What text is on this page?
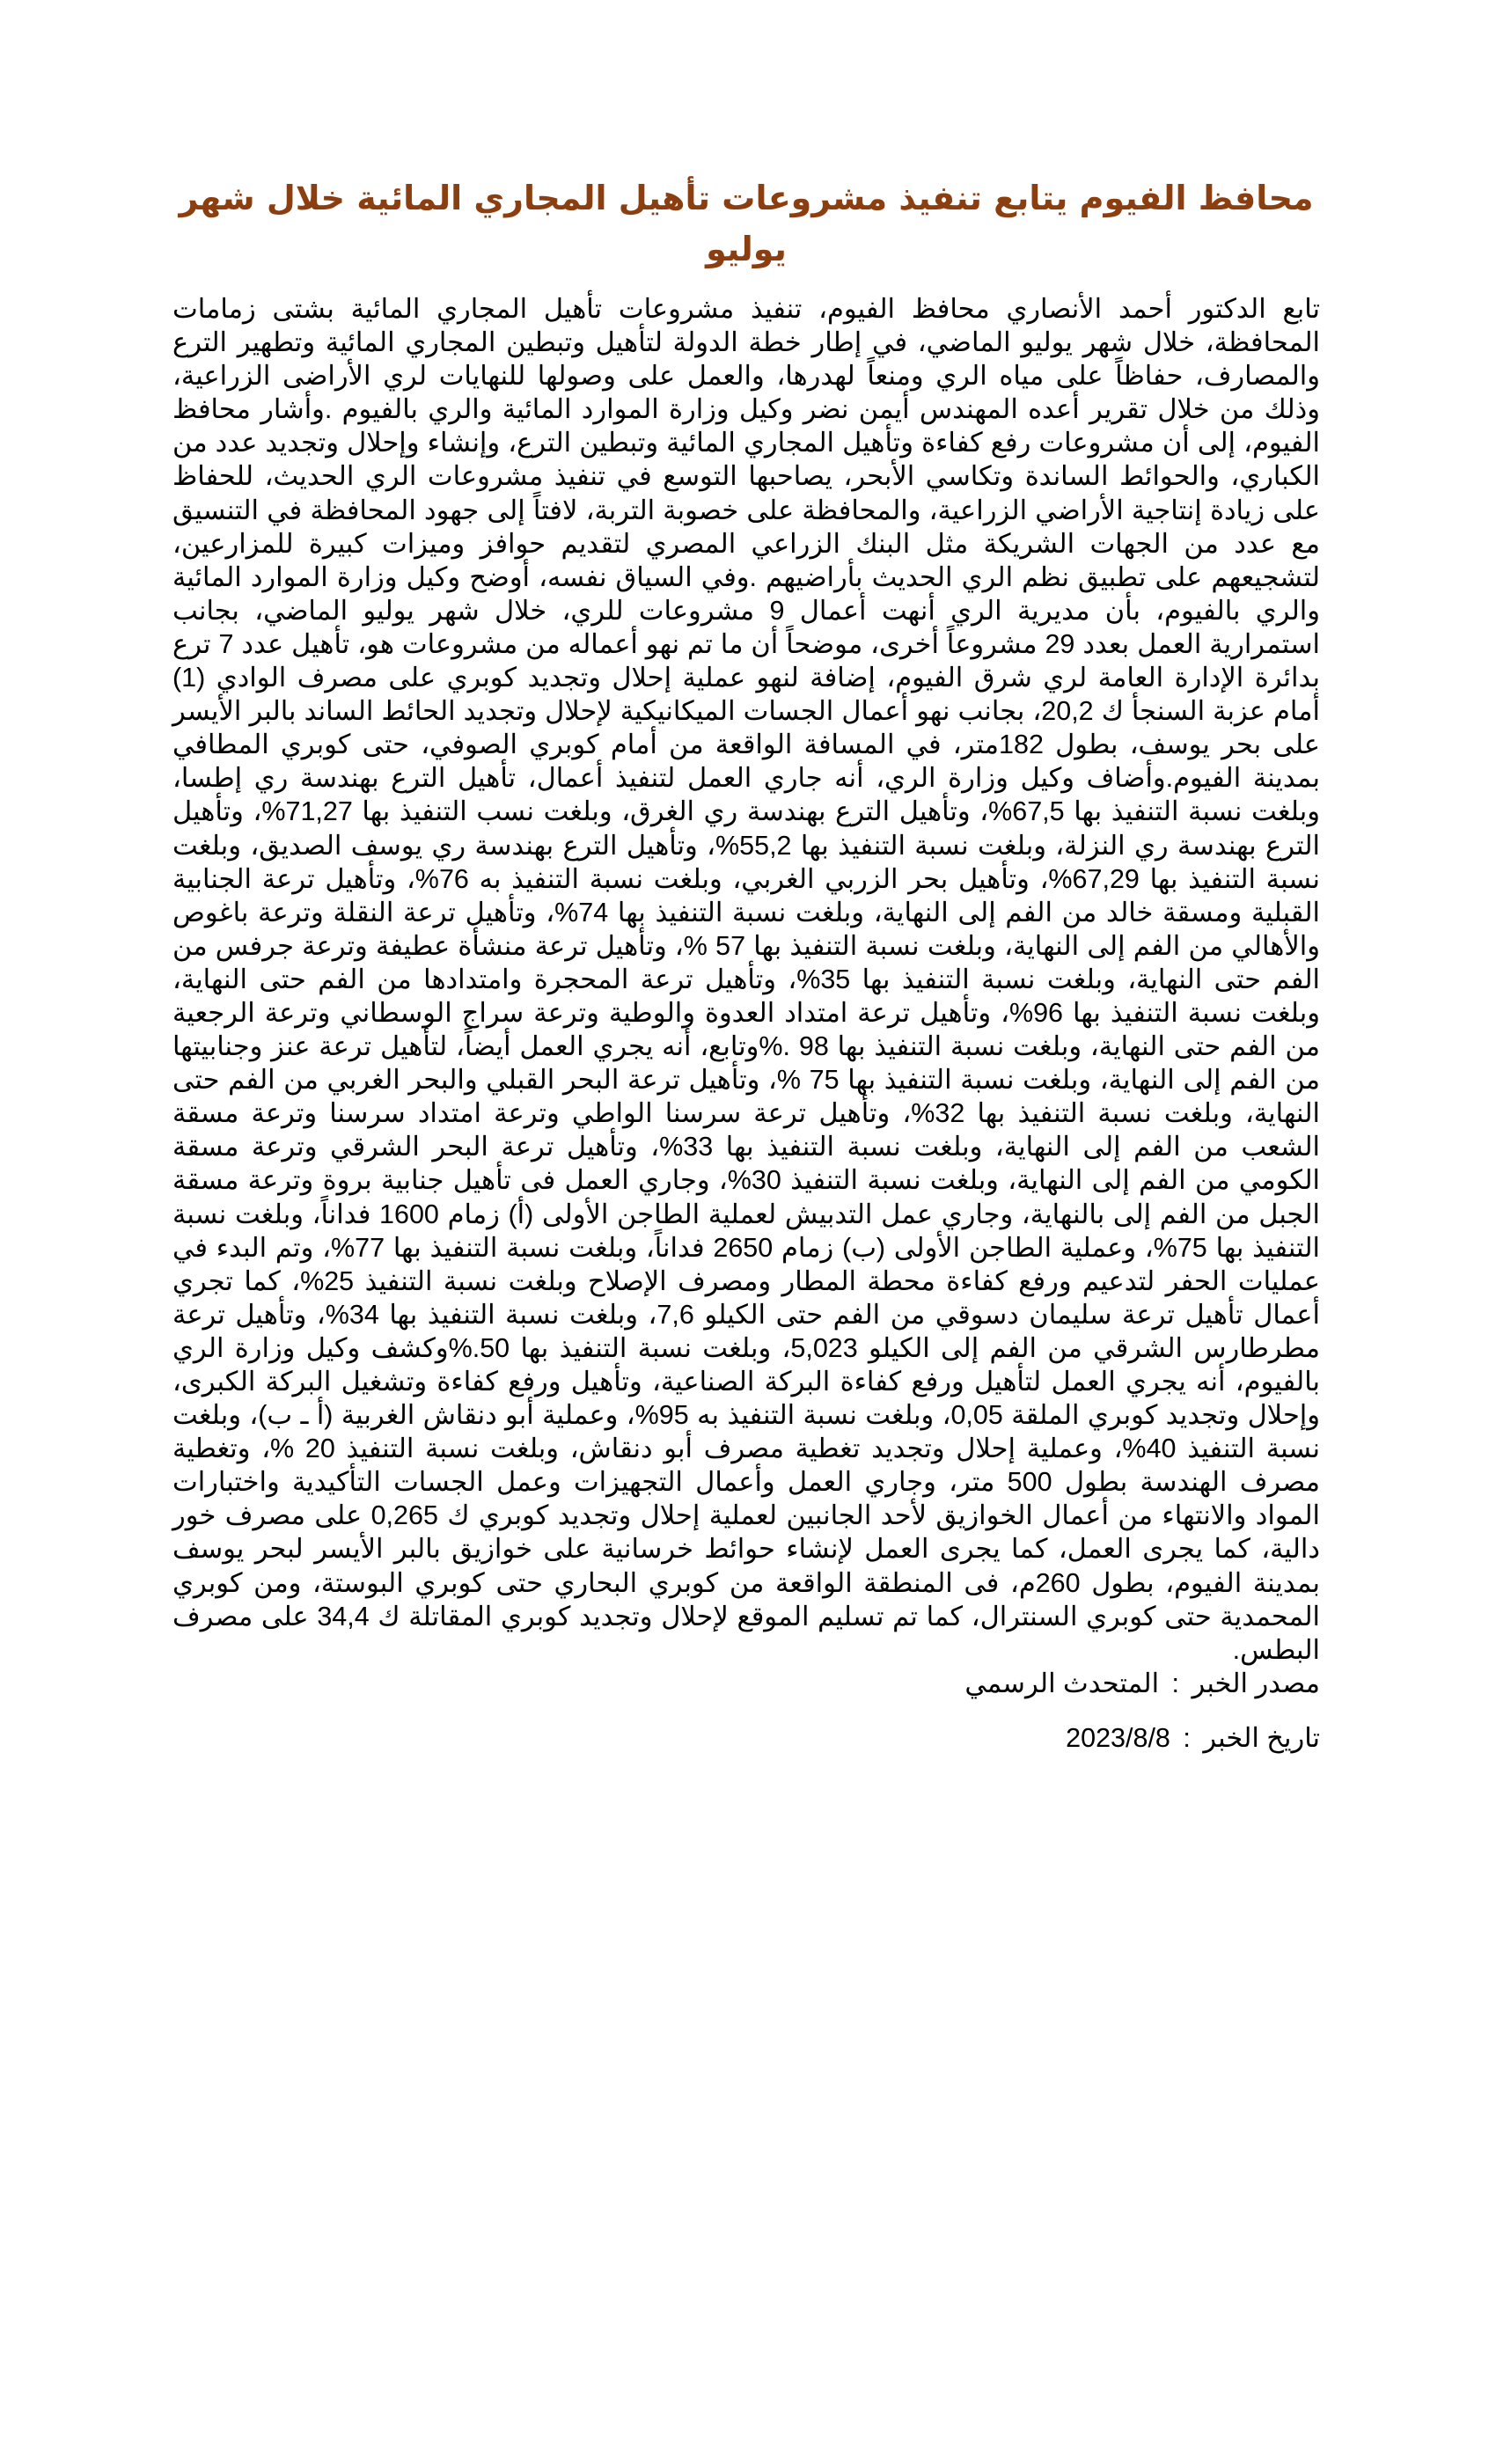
محافظ الفيوم يتابع تنفيذ مشروعات تأهيل المجاري المائية خلال شهر يوليو

تابع الدكتور أحمد الأنصاري محافظ الفيوم، تنفيذ مشروعات تأهيل المجاري المائية بشتى زمامات المحافظة، خلال شهر يوليو الماضي، في إطار خطة الدولة لتأهيل وتبطين المجاري المائية وتطهير الترع والمصارف، حفاظاً على مياه الري ومنعاً لهدرها، والعمل على وصولها للنهايات لري الأراضى الزراعية، وذلك من خلال تقرير أعده المهندس أيمن نضر وكيل وزارة الموارد المائية والري بالفيوم .وأشار محافظ الفيوم، إلى أن مشروعات رفع كفاءة وتأهيل المجاري المائية وتبطين الترع، وإنشاء وإحلال وتجديد عدد من الكباري، والحوائط الساندة وتكاسي الأبحر، يصاحبها التوسع في تنفيذ مشروعات الري الحديث، للحفاظ على زيادة إنتاجية الأراضي الزراعية، والمحافظة على خصوبة التربة، لافتاً إلى جهود المحافظة في التنسيق مع عدد من الجهات الشريكة مثل البنك الزراعي المصري لتقديم حوافز وميزات كبيرة للمزارعين، لتشجيعهم على تطبيق نظم الري الحديث بأراضيهم .وفي السياق نفسه، أوضح وكيل وزارة الموارد المائية والري بالفيوم، بأن مديرية الري أنهت أعمال 9 مشروعات للري، خلال شهر يوليو الماضي، بجانب استمرارية العمل بعدد 29 مشروعاً أخرى، موضحاً أن ما تم نهو أعماله من مشروعات هو، تأهيل عدد 7 ترع بدائرة الإدارة العامة لري شرق الفيوم، إضافة لنهو عملية إحلال وتجديد كوبري على مصرف الوادي (1) أمام عزبة السنجأ ك 20,2، بجانب نهو أعمال الجسات الميكانيكية لإحلال وتجديد الحائط الساند بالبر الأيسر على بحر يوسف، بطول 182متر، في المسافة الواقعة من أمام كوبري الصوفي، حتى كوبري المطافي بمدينة الفيوم.وأضاف وكيل وزارة الري، أنه جاري العمل لتنفيذ أعمال، تأهيل الترع بهندسة ري إطسا، وبلغت نسبة التنفيذ بها 67,5%، وتأهيل الترع بهندسة ري الغرق، وبلغت نسب التنفيذ بها 71,27%، وتأهيل الترع بهندسة ري النزلة، وبلغت نسبة التنفيذ بها 55,2%، وتأهيل الترع بهندسة ري يوسف الصديق، وبلغت نسبة التنفيذ بها 67,29%، وتأهيل بحر الزربي الغربي، وبلغت نسبة التنفيذ به 76%، وتأهيل ترعة الجنابية القبلية ومسقة خالد من الفم إلى النهاية، وبلغت نسبة التنفيذ بها 74%، وتأهيل ترعة النقلة وترعة باغوص والأهالي من الفم إلى النهاية، وبلغت نسبة التنفيذ بها 57 %، وتأهيل ترعة منشأة عطيفة وترعة جرفس من الفم حتى النهاية، وبلغت نسبة التنفيذ بها 35%، وتأهيل ترعة المحجرة وامتدادها من الفم حتى النهاية، وبلغت نسبة التنفيذ بها 96%، وتأهيل ترعة امتداد العدوة والوطية وترعة سراج الوسطاني وترعة الرجعية من الفم حتى النهاية، وبلغت نسبة التنفيذ بها 98 .%وتابع، أنه يجري العمل أيضاً، لتأهيل ترعة عنز وجنابيتها من الفم إلى النهاية، وبلغت نسبة التنفيذ بها 75 %، وتأهيل ترعة البحر القبلي والبحر الغربي من الفم حتى النهاية، وبلغت نسبة التنفيذ بها 32%، وتأهيل ترعة سرسنا الواطي وترعة امتداد سرسنا وترعة مسقة الشعب من الفم إلى النهاية، وبلغت نسبة التنفيذ بها 33%، وتأهيل ترعة البحر الشرقي وترعة مسقة الكومي من الفم إلى النهاية، وبلغت نسبة التنفيذ 30%، وجاري العمل فى تأهيل جنابية بروة وترعة مسقة الجبل من الفم إلى بالنهاية، وجاري عمل التدبيش لعملية الطاجن الأولى (أ) زمام 1600 فداناً، وبلغت نسبة التنفيذ بها 75%، وعملية الطاجن الأولى (ب) زمام 2650 فداناً، وبلغت نسبة التنفيذ بها 77%، وتم البدء في عمليات الحفر لتدعيم ورفع كفاءة محطة المطار ومصرف الإصلاح وبلغت نسبة التنفيذ 25%، كما تجري أعمال تأهيل ترعة سليمان دسوقي من الفم حتى الكيلو 7,6، وبلغت نسبة التنفيذ بها 34%، وتأهيل ترعة مطرطارس الشرقي من الفم إلى الكيلو 5,023، وبلغت نسبة التنفيذ بها 50.%وكشف وكيل وزارة الري بالفيوم، أنه يجري العمل لتأهيل ورفع كفاءة البركة الصناعية، وتأهيل ورفع كفاءة وتشغيل البركة الكبرى، وإحلال وتجديد كوبري الملقة 0,05، وبلغت نسبة التنفيذ به 95%، وعملية أبو دنقاش الغربية (أ ـ ب)، وبلغت نسبة التنفيذ 40%، وعملية إحلال وتجديد تغطية مصرف أبو دنقاش، وبلغت نسبة التنفيذ 20 %، وتغطية مصرف الهندسة بطول 500 متر، وجاري العمل وأعمال التجهيزات وعمل الجسات التأكيدية واختبارات المواد والانتهاء من أعمال الخوازيق لأحد الجانبين لعملية إحلال وتجديد كوبري ك 0,265 على مصرف خور دالية، كما يجرى العمل، كما يجرى العمل لإنشاء حوائط خرسانية على خوازيق بالبر الأيسر لبحر يوسف بمدينة الفيوم، بطول 260م، فى المنطقة الواقعة من كوبري البحاري حتى كوبري البوستة، ومن كوبري المحمدية حتى كوبري السنترال، كما تم تسليم الموقع لإحلال وتجديد كوبري المقاتلة ك 34,4 على مصرف البطس.

مصدر الخبر : المتحدث الرسمي

تاريخ الخبر : 2023/8/8
